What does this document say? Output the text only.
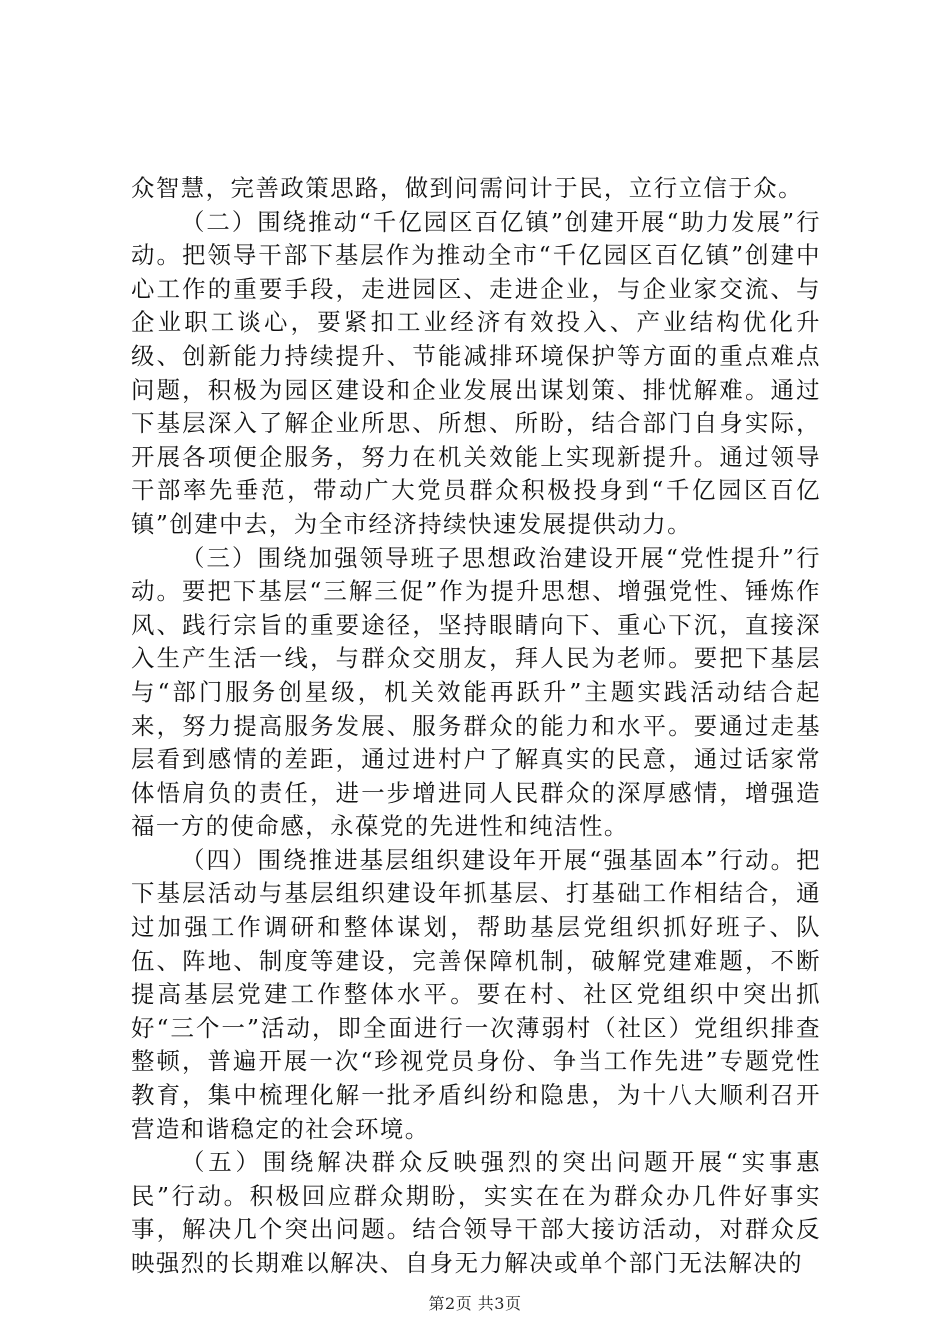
众智慧，完善政策思路，做到问需问计于民，立行立信于众。

（二）围绕推动“千亿园区百亿镇”创建开展“助力发展”行动。把领导干部下基层作为推动全市“千亿园区百亿镇”创建中心工作的重要手段，走进园区、走进企业，与企业家交流、与企业职工谈心，要紧扣工业经济有效投入、产业结构优化升级、创新能力持续提升、节能减排环境保护等方面的重点难点问题，积极为园区建设和企业发展出谋划策、排忧解难。通过下基层深入了解企业所思、所想、所盼，结合部门自身实际，开展各项便企服务，努力在机关效能上实现新提升。通过领导干部率先垂范，带动广大党员群众积极投身到“千亿园区百亿镇”创建中去，为全市经济持续快速发展提供动力。

（三）围绕加强领导班子思想政治建设开展“党性提升”行动。要把下基层“三解三促”作为提升思想、增强党性、锤炼作风、践行宗旨的重要途径，坚持眼睛向下、重心下沉，直接深入生产生活一线，与群众交朋友，拜人民为老师。要把下基层与“部门服务创星级，机关效能再跃升”主题实践活动结合起来，努力提高服务发展、服务群众的能力和水平。要通过走基层看到感情的差距，通过进村户了解真实的民意，通过话家常体悟肩负的责任，进一步增进同人民群众的深厚感情，增强造福一方的使命感，永葆党的先进性和纯洁性。

（四）围绕推进基层组织建设年开展“强基固本”行动。把下基层活动与基层组织建设年抓基层、打基础工作相结合，通过加强工作调研和整体谋划，帮助基层党组织抓好班子、队伍、阵地、制度等建设，完善保障机制，破解党建难题，不断提高基层党建工作整体水平。要在村、社区党组织中突出抓好“三个一”活动，即全面进行一次薄弱村（社区）党组织排查整顿，普遍开展一次“珍视党员身份、争当工作先进”专题党性教育，集中梳理化解一批矛盾纠纷和隐患，为十八大顺利召开营造和谐稳定的社会环境。

（五）围绕解决群众反映强烈的突出问题开展“实事惠民”行动。积极回应群众期盼，实实在在为群众办几件好事实事，解决几个突出问题。结合领导干部大接访活动，对群众反映强烈的长期难以解决、自身无力解决或单个部门无法解决的

第2页 共3页
